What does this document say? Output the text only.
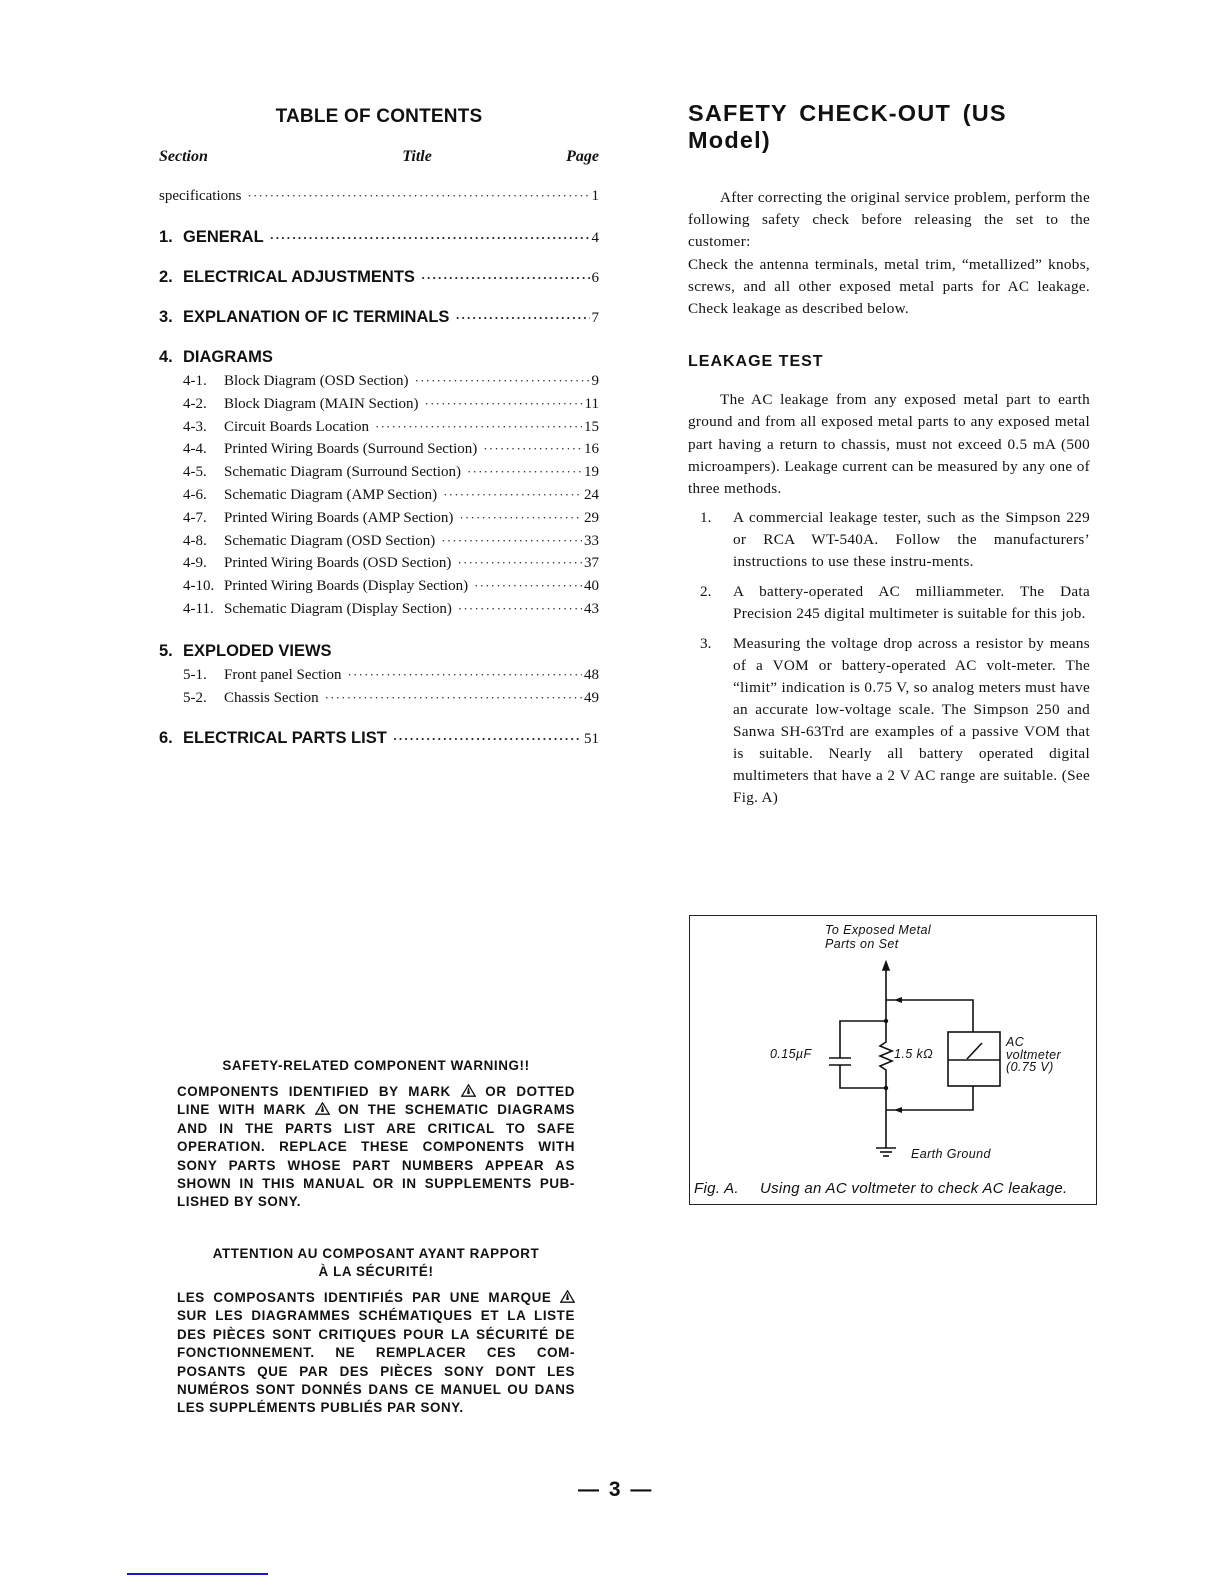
TABLE OF CONTENTS
Section	Title	Page
specifications ·····	1
1. GENERAL ·····	4
2. ELECTRICAL ADJUSTMENTS ·····	6
3. EXPLANATION OF IC TERMINALS ·····	7
4. DIAGRAMS
4-1. Block Diagram (OSD Section) ·····	9
4-2. Block Diagram (MAIN Section) ·····	11
4-3. Circuit Boards Location ·····	15
4-4. Printed Wiring Boards (Surround Section) ·····	16
4-5. Schematic Diagram (Surround Section) ·····	19
4-6. Schematic Diagram (AMP Section) ·····	24
4-7. Printed Wiring Boards (AMP Section) ·····	29
4-8. Schematic Diagram (OSD Section) ·····	33
4-9. Printed Wiring Boards (OSD Section) ·····	37
4-10. Printed Wiring Boards (Display Section) ·····	40
4-11. Schematic Diagram (Display Section) ·····	43
5. EXPLODED VIEWS
5-1. Front panel Section ·····	48
5-2. Chassis Section ·····	49
6. ELECTRICAL PARTS LIST ·····	51
SAFETY-RELATED COMPONENT WARNING!!

COMPONENTS IDENTIFIED BY MARK	OR DOTTED LINE WITH MARK ON THE SCHEMATIC DIAGRAMS AND IN THE PARTS LIST ARE CRITICAL TO SAFE OPERATION. REPLACE THESE COMPONENTS WITH SONY PARTS WHOSE PART NUMBERS APPEAR AS SHOWN IN THIS MANUAL OR IN SUPPLEMENTS PUB-LISHED BY SONY.

ATTENTION AU COMPOSANT AYANT RAPPORT
À LA SÉCURITÉ!

LES COMPOSANTS IDENTIFIÉS PAR UNE MARQUE  SUR LES DIAGRAMMES SCHÉMATIQUES ET LA LISTE DES PIÈCES SONT CRITIQUES POUR LA SÉCURITÉ DE FONCTIONNEMENT. NE REMPLACER CES COM-POSANTS QUE PAR DES PIÈCES SONY DONT LES NUMÉROS SONT DONNÉS DANS CE MANUEL OU DANS LES SUPPLÉMENTS PUBLIÉS PAR SONY.

SAFETY CHECK-OUT (US Model)

After correcting the original service problem, perform the following safety check before releasing the set to the customer:

Check the antenna terminals, metal trim, “metallized” knobs, screws, and all other exposed metal parts for AC leakage. Check leakage as described below.

LEAKAGE TEST

The AC leakage from any exposed metal part to earth ground and from all exposed metal parts to any exposed metal part having a return to chassis, must not exceed 0.5 mA (500 microampers). Leakage current can be measured by any one of three methods.

1.	A commercial leakage tester, such as the Simpson 229 or RCA WT-540A. Follow the manufacturers’ instructions to use these instru-ments.
2.	A battery-operated AC milliammeter. The Data Precision 245 digital multimeter is suitable for this job.
3.	Measuring the voltage drop across a resistor by means of a VOM or battery-operated AC volt-meter. The “limit” indication is 0.75 V, so analog meters must have an accurate low-voltage scale. The Simpson 250 and Sanwa SH-63Trd are examples of a passive VOM that is suitable. Nearly all battery operated digital multimeters that have a 2 V AC range are suitable. (See Fig. A)
To Exposed Metal
Parts on Set
0.15µF	1.5 kΩ
AC
voltmeter
(0.75 V)
Earth Ground
Fig. A. Using an AC voltmeter to check AC leakage.
— 3 —
